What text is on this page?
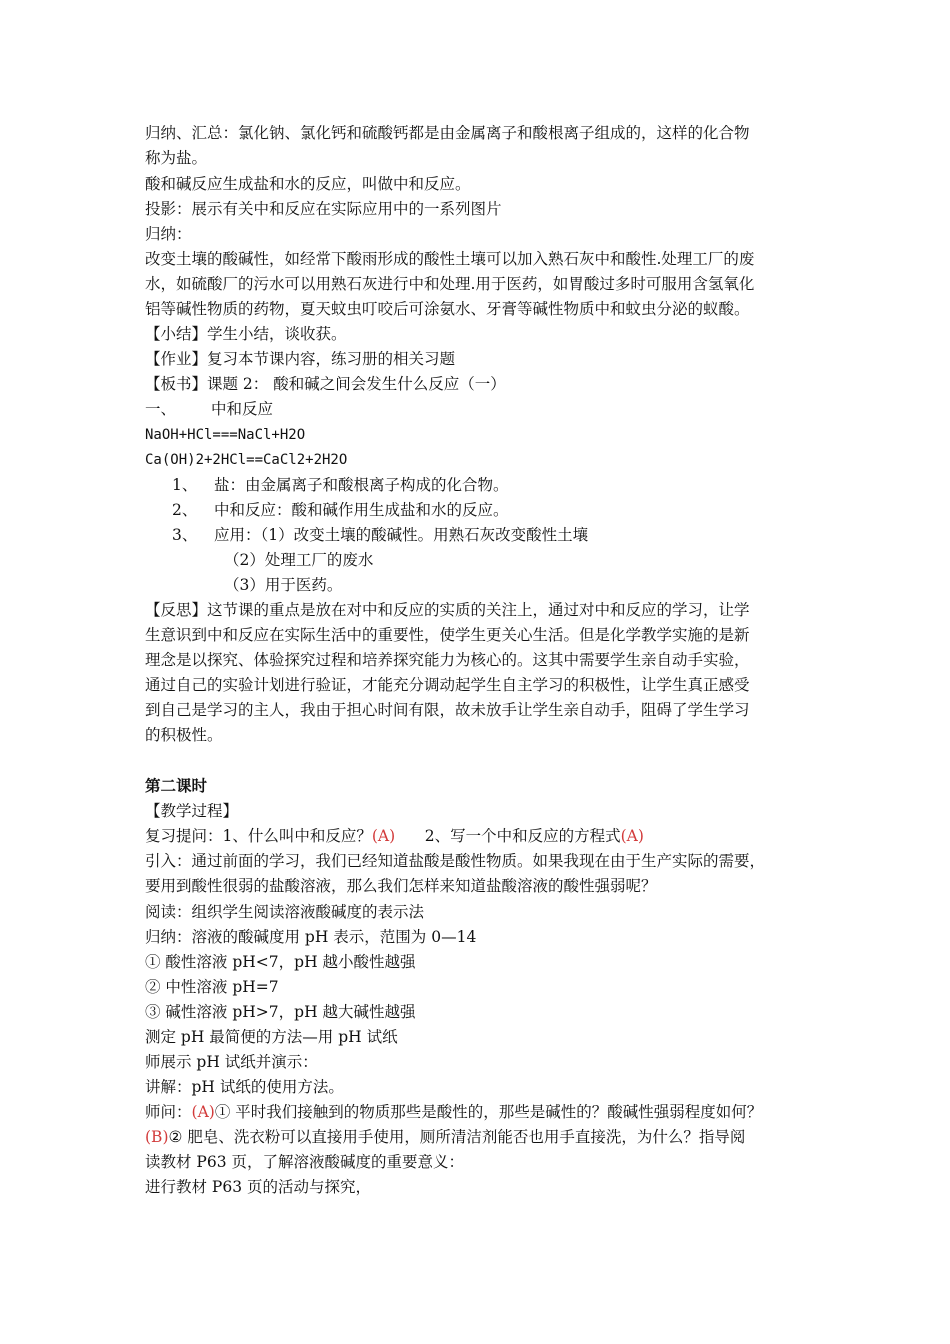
归纳、汇总：氯化钠、氯化钙和硫酸钙都是由金属离子和酸根离子组成的，这样的化合物
称为盐。
酸和碱反应生成盐和水的反应，叫做中和反应。
投影：展示有关中和反应在实际应用中的一系列图片
归纳：
改变土壤的酸碱性，如经常下酸雨形成的酸性土壤可以加入熟石灰中和酸性.处理工厂的废
水，如硫酸厂的污水可以用熟石灰进行中和处理.用于医药，如胃酸过多时可服用含氢氧化
铝等碱性物质的药物，夏天蚊虫叮咬后可涂氨水、牙膏等碱性物质中和蚊虫分泌的蚁酸。
【小结】学生小结，谈收获。
【作业】复习本节课内容，练习册的相关习题
【板书】课题 2： 酸和碱之间会发生什么反应（一）
一、 中和反应
NaOH+HCl===NaCl+H2O
Ca(OH)2+2HCl==CaCl2+2H2O
1、 盐：由金属离子和酸根离子构成的化合物。
2、 中和反应：酸和碱作用生成盐和水的反应。
3、 应用：（1）改变土壤的酸碱性。用熟石灰改变酸性土壤
（2）处理工厂的废水
（3）用于医药。
【反思】这节课的重点是放在对中和反应的实质的关注上，通过对中和反应的学习，让学
生意识到中和反应在实际生活中的重要性，使学生更关心生活。但是化学教学实施的是新
理念是以探究、体验探究过程和培养探究能力为核心的。这其中需要学生亲自动手实验，
通过自己的实验计划进行验证，才能充分调动起学生自主学习的积极性，让学生真正感受
到自己是学习的主人，我由于担心时间有限，故未放手让学生亲自动手，阻碍了学生学习
的积极性。
第二课时
【教学过程】
复习提问：1、什么叫中和反应？(A)      2、写一个中和反应的方程式(A)
引入：通过前面的学习，我们已经知道盐酸是酸性物质。如果我现在由于生产实际的需要，
要用到酸性很弱的盐酸溶液，那么我们怎样来知道盐酸溶液的酸性强弱呢？
阅读：组织学生阅读溶液酸碱度的表示法
归纳：溶液的酸碱度用 pH 表示，范围为 0—14
① 酸性溶液 pH<7，pH 越小酸性越强
② 中性溶液 pH=7
③ 碱性溶液 pH>7，pH 越大碱性越强
测定 pH 最简便的方法—用 pH 试纸
师展示 pH 试纸并演示：
讲解：pH 试纸的使用方法。
师问：(A)① 平时我们接触到的物质那些是酸性的，那些是碱性的？酸碱性强弱程度如何？
(B)② 肥皂、洗衣粉可以直接用手使用，厕所清洁剂能否也用手直接洗，为什么？指导阅
读教材 P63 页，了解溶液酸碱度的重要意义：
进行教材 P63 页的活动与探究，
